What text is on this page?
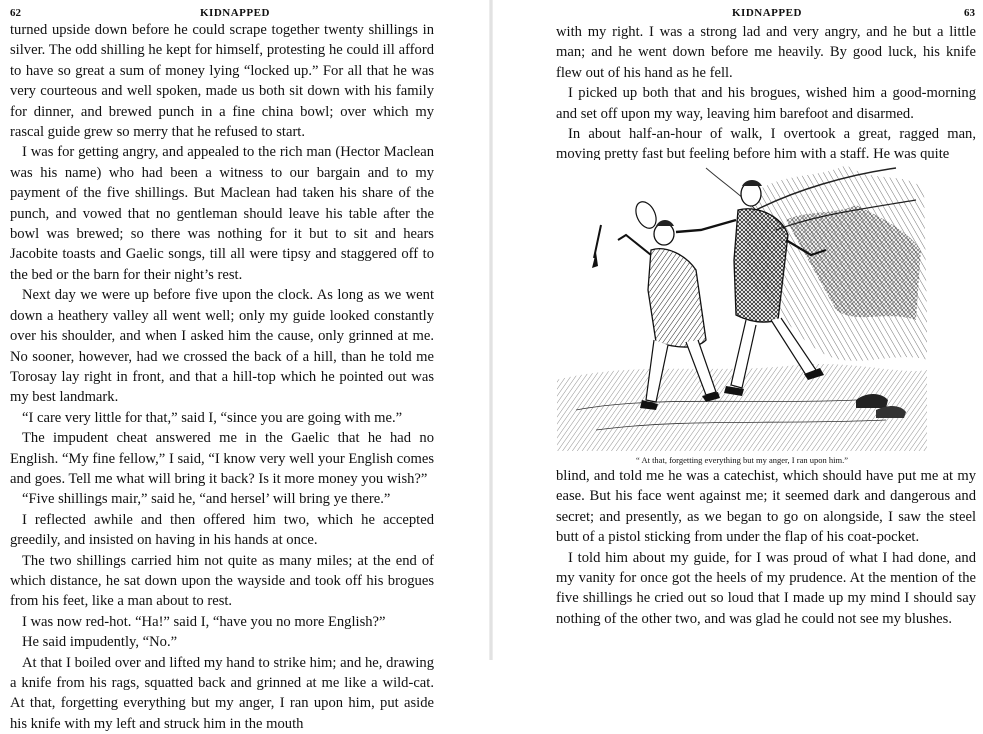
62	KIDNAPPED

turned upside down before he could scrape together twenty shillings in silver. The odd shilling he kept for himself, protesting he could ill afford to have so great a sum of money lying “locked up.” For all that he was very courteous and well spoken, made us both sit down with his family for dinner, and brewed punch in a fine china bowl; over which my rascal guide grew so merry that he refused to start.

I was for getting angry, and appealed to the rich man (Hector Maclean was his name) who had been a witness to our bargain and to my payment of the five shillings. But Maclean had taken his share of the punch, and vowed that no gentleman should leave his table after the bowl was brewed; so there was nothing for it but to sit and hears Jacobite toasts and Gaelic songs, till all were tipsy and staggered off to the bed or the barn for their night’s rest.

Next day we were up before five upon the clock. As long as we went down a heathery valley all went well; only my guide looked constantly over his shoulder, and when I asked him the cause, only grinned at me. No sooner, however, had we crossed the back of a hill, than he told me Torosay lay right in front, and that a hill-top which he pointed out was my best landmark.

“I care very little for that,” said I, “since you are going with me.”

The impudent cheat answered me in the Gaelic that he had no English. “My fine fellow,” I said, “I know very well your English comes and goes. Tell me what will bring it back? Is it more money you wish?”

“Five shillings mair,” said he, “and hersel’ will bring ye there.”

I reflected awhile and then offered him two, which he accepted greedily, and insisted on having in his hands at once.

The two shillings carried him not quite as many miles; at the end of which distance, he sat down upon the wayside and took off his brogues from his feet, like a man about to rest.

I was now red-hot. “Ha!” said I, “have you no more English?”

He said impudently, “No.”

At that I boiled over and lifted my hand to strike him; and he, drawing a knife from his rags, squatted back and grinned at me like a wild-cat. At that, forgetting everything but my anger, I ran upon him, put aside his knife with my left and struck him in the mouth

KIDNAPPED	63

with my right. I was a strong lad and very angry, and he but a little man; and he went down before me heavily. By good luck, his knife flew out of his hand as he fell.

I picked up both that and his brogues, wished him a good-morning and set off upon my way, leaving him barefoot and disarmed.

In about half-an-hour of walk, I overtook a great, ragged man, moving pretty fast but feeling before him with a staff. He was quite

“ At that, forgetting everything but my anger, I ran upon him.”

blind, and told me he was a catechist, which should have put me at my ease. But his face went against me; it seemed dark and dangerous and secret; and presently, as we began to go on alongside, I saw the steel butt of a pistol sticking from under the flap of his coat-pocket.

I told him about my guide, for I was proud of what I had done, and my vanity for once got the heels of my prudence. At the mention of the five shillings he cried out so loud that I made up my mind I should say nothing of the other two, and was glad he could not see my blushes.
